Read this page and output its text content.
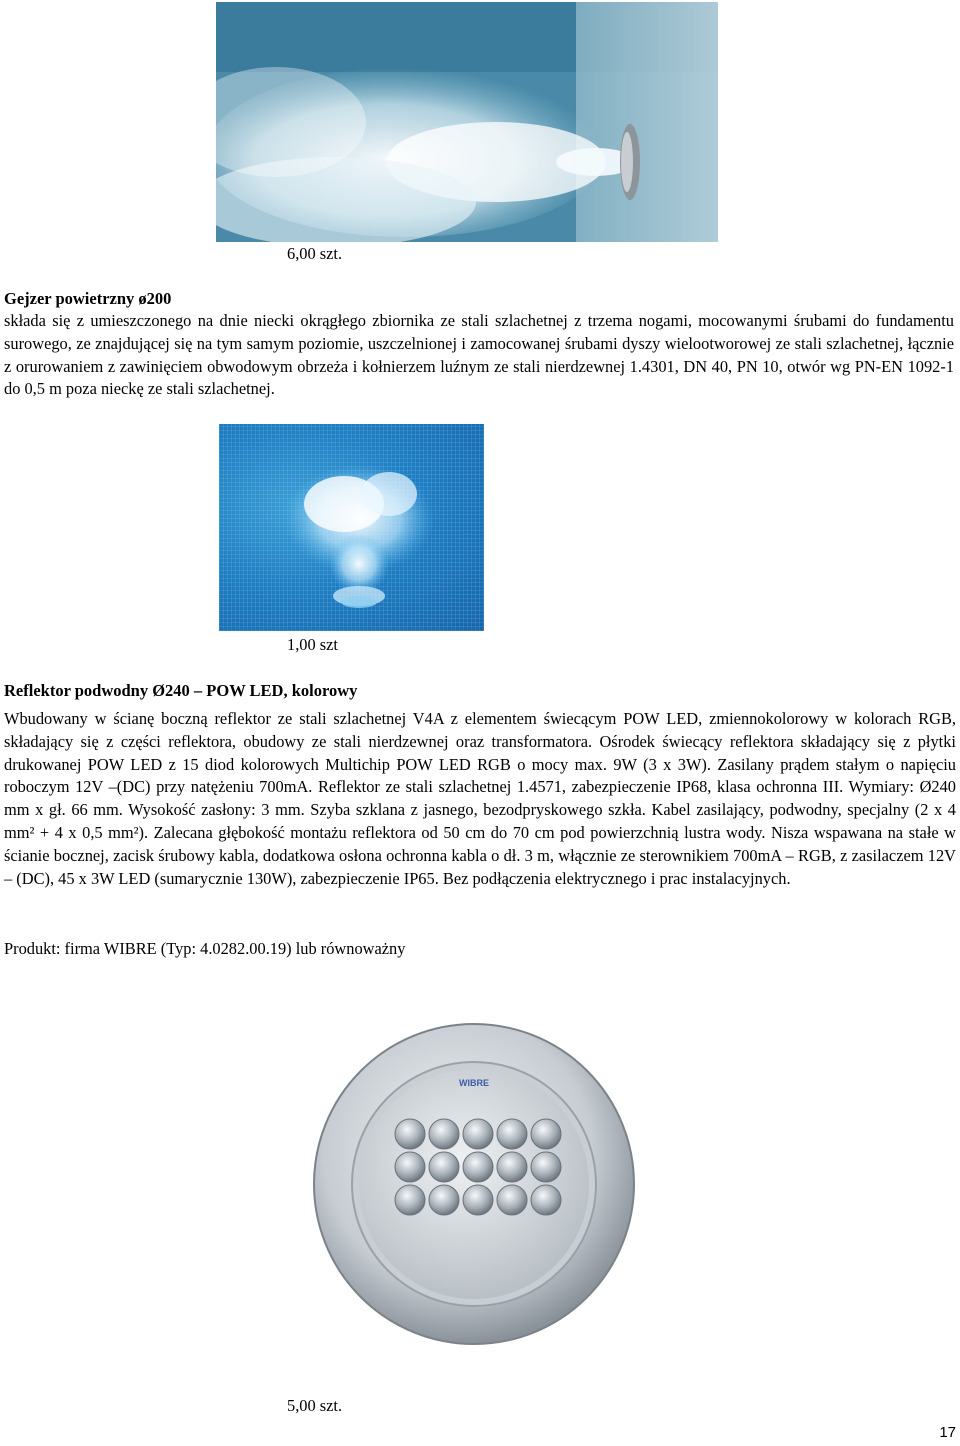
6,00 szt.
Gejzer powietrzny ø200
składa się z umieszczonego na dnie niecki okrągłego zbiornika ze stali szlachetnej z trzema nogami, mocowanymi śrubami do fundamentu surowego, ze znajdującej się na tym samym poziomie, uszczelnionej i zamocowanej śrubami dyszy wielootworowej ze stali szlachetnej, łącznie z orurowaniem z zawinięciem obwodowym obrzeża i kołnierzem luźnym ze stali nierdzewnej 1.4301, DN 40, PN 10, otwór wg PN-EN 1092-1 do 0,5 m poza nieckę ze stali szlachetnej.
1,00 szt
Reflektor podwodny Ø240 – POW LED, kolorowy
Wbudowany w ścianę boczną reflektor ze stali szlachetnej V4A z elementem świecącym POW LED, zmiennokolorowy w kolorach RGB, składający się z części reflektora, obudowy ze stali nierdzewnej oraz transformatora. Ośrodek świecący reflektora składający się z płytki drukowanej POW LED z 15 diod kolorowych Multichip POW LED RGB o mocy max. 9W (3 x 3W). Zasilany prądem stałym o napięciu roboczym 12V –(DC) przy natężeniu 700mA. Reflektor ze stali szlachetnej 1.4571, zabezpieczenie IP68, klasa ochronna III. Wymiary: Ø240 mm x gł. 66 mm. Wysokość zasłony: 3 mm. Szyba szklana z jasnego, bezodpryskowego szkła. Kabel zasilający, podwodny, specjalny (2 x 4 mm² + 4 x 0,5 mm²). Zalecana głębokość montażu reflektora od 50 cm do 70 cm pod powierzchnią lustra wody. Nisza wspawana na stałe w ścianie bocznej, zacisk śrubowy kabla, dodatkowa osłona ochronna kabla o dł. 3 m, włącznie ze sterownikiem 700mA – RGB, z zasilaczem 12V – (DC), 45 x 3W LED (sumarycznie 130W), zabezpieczenie IP65. Bez podłączenia elektrycznego i prac instalacyjnych.
Produkt: firma WIBRE (Typ: 4.0282.00.19) lub równoważny
WIBRE
5,00 szt.
17
